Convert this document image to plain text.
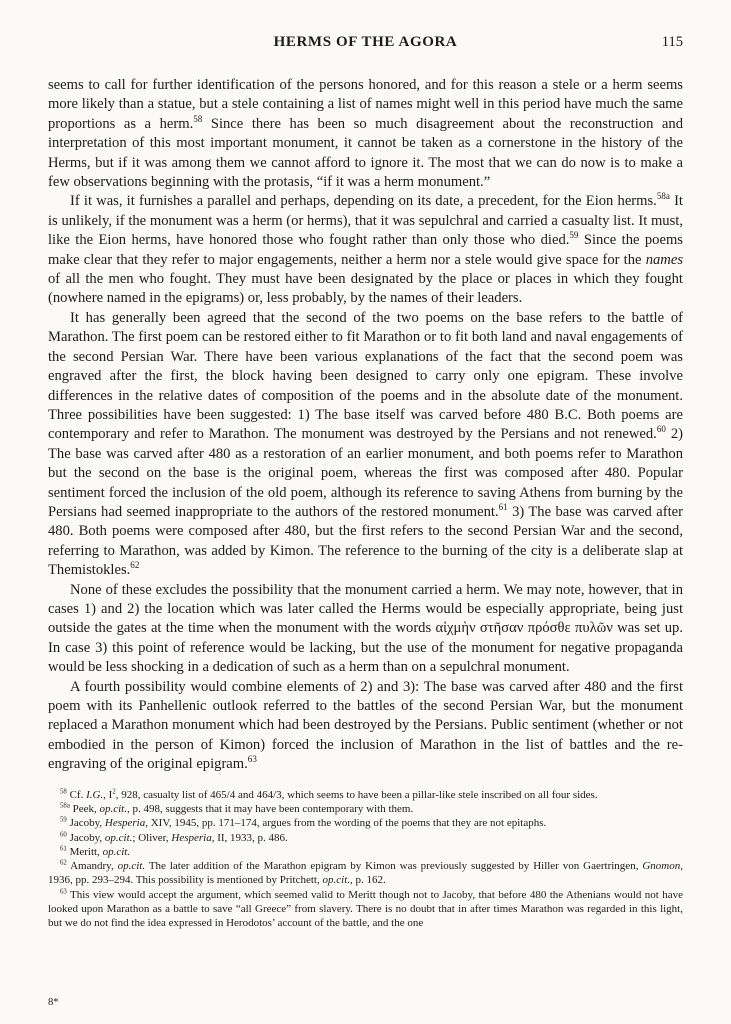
HERMS OF THE AGORA	115

seems to call for further identification of the persons honored, and for this reason a stele or a herm seems more likely than a statue, but a stele containing a list of names might well in this period have much the same proportions as a herm.$^{58}$ Since there has been so much disagreement about the reconstruction and interpretation of this most important monument, it cannot be taken as a cornerstone in the history of the Herms, but if it was among them we cannot afford to ignore it. The most that we can do now is to make a few observations beginning with the protasis, “if it was a herm monument.”

If it was, it furnishes a parallel and perhaps, depending on its date, a precedent, for the Eion herms.$^{58a}$ It is unlikely, if the monument was a herm (or herms), that it was sepulchral and carried a casualty list. It must, like the Eion herms, have honored those who fought rather than only those who died.$^{59}$ Since the poems make clear that they refer to major engagements, neither a herm nor a stele would give space for the names of all the men who fought. They must have been designated by the place or places in which they fought (nowhere named in the epigrams) or, less probably, by the names of their leaders.

It has generally been agreed that the second of the two poems on the base refers to the battle of Marathon. The first poem can be restored either to fit Marathon or to fit both land and naval engagements of the second Persian War. There have been various explanations of the fact that the second poem was engraved after the first, the block having been designed to carry only one epigram. These involve differences in the relative dates of composition of the poems and in the absolute date of the monument. Three possibilities have been suggested: 1) The base itself was carved before 480 B.C. Both poems are contemporary and refer to Marathon. The monument was destroyed by the Persians and not renewed.$^{60}$ 2) The base was carved after 480 as a restoration of an earlier monument, and both poems refer to Marathon but the second on the base is the original poem, whereas the first was composed after 480. Popular sentiment forced the inclusion of the old poem, although its reference to saving Athens from burning by the Persians had seemed inappropriate to the authors of the restored monument.$^{61}$ 3) The base was carved after 480. Both poems were composed after 480, but the first refers to the second Persian War and the second, referring to Marathon, was added by Kimon. The reference to the burning of the city is a deliberate slap at Themistokles.$^{62}$

None of these excludes the possibility that the monument carried a herm. We may note, however, that in cases 1) and 2) the location which was later called the Herms would be especially appropriate, being just outside the gates at the time when the monument with the words αἰχμὴν στῆσαν πρόσθε πυλῶν was set up. In case 3) this point of reference would be lacking, but the use of the monument for negative propaganda would be less shocking in a dedication of such as a herm than on a sepulchral monument.

A fourth possibility would combine elements of 2) and 3): The base was carved after 480 and the first poem with its Panhellenic outlook referred to the battles of the second Persian War, but the monument replaced a Marathon monument which had been destroyed by the Persians. Public sentiment (whether or not embodied in the person of Kimon) forced the inclusion of Marathon in the list of battles and the re-engraving of the original epigram.$^{63}$

$^{58}$ Cf. I.G., $I^2$, 928, casualty list of 465/4 and 464/3, which seems to have been a pillar-like stele inscribed on all four sides.

$^{58a}$ Peek, op.cit., p. 498, suggests that it may have been contemporary with them.

$^{59}$ Jacoby, Hesperia, XIV, 1945, pp. 171–174, argues from the wording of the poems that they are not epitaphs.

$^{60}$ Jacoby, op.cit.; Oliver, Hesperia, II, 1933, p. 486.

$^{61}$ Meritt, op.cit.

$^{62}$ Amandry, op.cit. The later addition of the Marathon epigram by Kimon was previously suggested by Hiller von Gaertringen, Gnomon, 1936, pp. 293–294. This possibility is mentioned by Pritchett, op.cit., p. 162.

$^{63}$ This view would accept the argument, which seemed valid to Meritt though not to Jacoby, that before 480 the Athenians would not have looked upon Marathon as a battle to save “all Greece” from slavery. There is no doubt that in after times Marathon was regarded in this light, but we do not find the idea expressed in Herodotos’ account of the battle, and the one

8*
